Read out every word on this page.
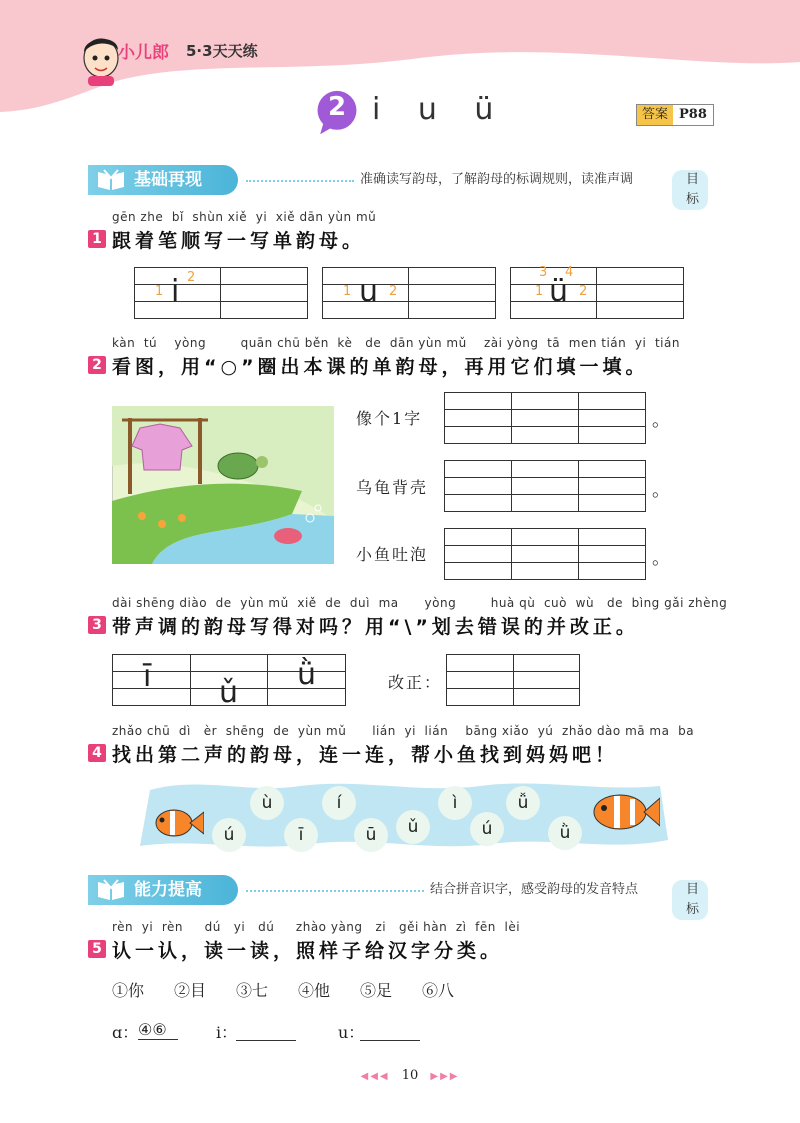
小儿郎 5·3天天练
2 i u ü	答案 P88
基础再现	准确读写韵母，了解韵母的标调规则，读准声调	目标
gēn zhe  bǐ  shùn xiě  yi  xiě dān yùn mǔ
1 跟着笔顺写一写单韵母。
1
2
i	1	2
u
3 4
1	2
ü
kàn  tú    yòng        quān chū běn  kè   de  dān yùn mǔ    zài yòng  tā  men tián  yi  tián
2 看图，用“○”圈出本课的单韵母，再用它们填一填。
像个1字	。
乌龟背壳	。
小鱼吐泡	。
dài shēng diào  de  yùn mǔ  xiě  de  duì  ma      yòng        huà qù  cuò  wù   de  bìng gǎi zhèng
3 带声调的韵母写得对吗？用“\”划去错误的并改正。
ī ǔ
ǜ	改正：
zhǎo chū  dì   èr  shēng  de  yùn mǔ      lián  yi  lián    bāng xiǎo  yú  zhǎo dào mā ma  ba
4 找出第二声的韵母，连一连，帮小鱼找到妈妈吧！
ù	í	ì	ǚ
ú	ī	ū	ǔ	ú	ǜ
能力提高	结合拼音识字，感受韵母的发音特点	目标
rèn  yi  rèn     dú   yi   dú     zhào yàng   zi   gěi hàn  zì  fēn  lèi
5 认一认，读一读，照样子给汉字分类。
①你 ②目 ③七 ④他 ⑤足 ⑥八
ɑ： ④⑥	i：	u：
◀◀◀ 10 ▶▶▶
